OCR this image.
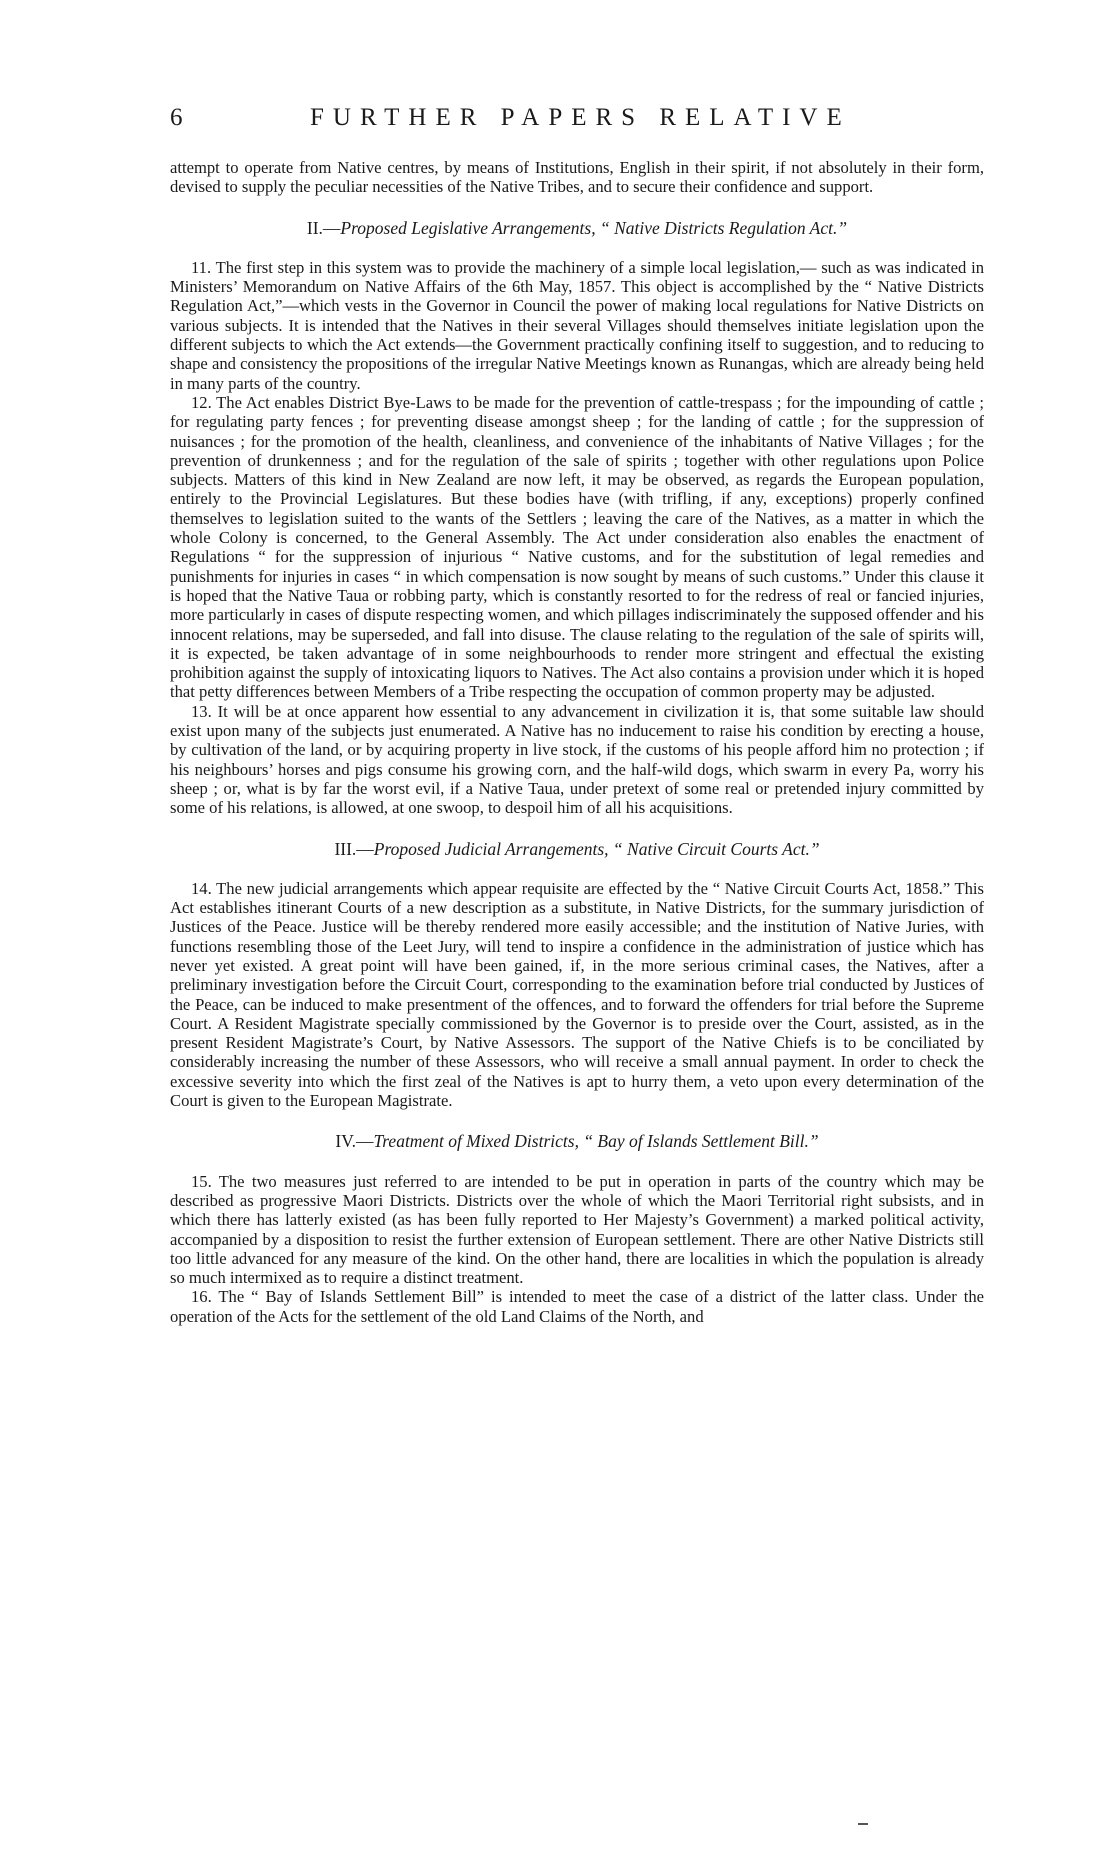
6	FURTHER PAPERS RELATIVE

attempt to operate from Native centres, by means of Institutions, English in their spirit, if not absolutely in their form, devised to supply the peculiar necessities of the Native Tribes, and to secure their confidence and support.

II.—Proposed Legislative Arrangements, “ Native Districts Regulation Act.”

11. The first step in this system was to provide the machinery of a simple local legislation,— such as was indicated in Ministers’ Memorandum on Native Affairs of the 6th May, 1857. This object is accomplished by the “ Native Districts Regulation Act,”—which vests in the Governor in Council the power of making local regulations for Native Districts on various subjects. It is intended that the Natives in their several Villages should themselves initiate legislation upon the different subjects to which the Act extends—the Government practically confining itself to suggestion, and to reducing to shape and consistency the propositions of the irregular Native Meetings known as Runangas, which are already being held in many parts of the country.

12. The Act enables District Bye-Laws to be made for the prevention of cattle-trespass ; for the impounding of cattle ; for regulating party fences ; for preventing disease amongst sheep ; for the landing of cattle ; for the suppression of nuisances ; for the promotion of the health, cleanliness, and convenience of the inhabitants of Native Villages ; for the prevention of drunkenness ; and for the regulation of the sale of spirits ; together with other regulations upon Police subjects. Matters of this kind in New Zealand are now left, it may be observed, as regards the European population, entirely to the Provincial Legislatures. But these bodies have (with trifling, if any, exceptions) properly confined themselves to legislation suited to the wants of the Settlers ; leaving the care of the Natives, as a matter in which the whole Colony is concerned, to the General Assembly. The Act under consideration also enables the enactment of Regulations “ for the suppression of injurious “ Native customs, and for the substitution of legal remedies and punishments for injuries in cases “ in which compensation is now sought by means of such customs.” Under this clause it is hoped that the Native Taua or robbing party, which is constantly resorted to for the redress of real or fancied injuries, more particularly in cases of dispute respecting women, and which pillages indiscriminately the supposed offender and his innocent relations, may be superseded, and fall into disuse. The clause relating to the regulation of the sale of spirits will, it is expected, be taken advantage of in some neighbourhoods to render more stringent and effectual the existing prohibition against the supply of intoxicating liquors to Natives. The Act also contains a provision under which it is hoped that petty differences between Members of a Tribe respecting the occupation of common property may be adjusted.

13. It will be at once apparent how essential to any advancement in civilization it is, that some suitable law should exist upon many of the subjects just enumerated. A Native has no inducement to raise his condition by erecting a house, by cultivation of the land, or by acquiring property in live stock, if the customs of his people afford him no protection ; if his neighbours’ horses and pigs consume his growing corn, and the half-wild dogs, which swarm in every Pa, worry his sheep ; or, what is by far the worst evil, if a Native Taua, under pretext of some real or pretended injury committed by some of his relations, is allowed, at one swoop, to despoil him of all his acquisitions.

III.—Proposed Judicial Arrangements, “ Native Circuit Courts Act.”

14. The new judicial arrangements which appear requisite are effected by the “ Native Circuit Courts Act, 1858.” This Act establishes itinerant Courts of a new description as a substitute, in Native Districts, for the summary jurisdiction of Justices of the Peace. Justice will be thereby rendered more easily accessible; and the institution of Native Juries, with functions resembling those of the Leet Jury, will tend to inspire a confidence in the administration of justice which has never yet existed. A great point will have been gained, if, in the more serious criminal cases, the Natives, after a preliminary investigation before the Circuit Court, corresponding to the examination before trial conducted by Justices of the Peace, can be induced to make presentment of the offences, and to forward the offenders for trial before the Supreme Court. A Resident Magistrate specially commissioned by the Governor is to preside over the Court, assisted, as in the present Resident Magistrate’s Court, by Native Assessors. The support of the Native Chiefs is to be conciliated by considerably increasing the number of these Assessors, who will receive a small annual payment. In order to check the excessive severity into which the first zeal of the Natives is apt to hurry them, a veto upon every determination of the Court is given to the European Magistrate.

IV.—Treatment of Mixed Districts, “ Bay of Islands Settlement Bill.”

15. The two measures just referred to are intended to be put in operation in parts of the country which may be described as progressive Maori Districts. Districts over the whole of which the Maori Territorial right subsists, and in which there has latterly existed (as has been fully reported to Her Majesty’s Government) a marked political activity, accompanied by a disposition to resist the further extension of European settlement. There are other Native Districts still too little advanced for any measure of the kind. On the other hand, there are localities in which the population is already so much intermixed as to require a distinct treatment.

16. The “ Bay of Islands Settlement Bill” is intended to meet the case of a district of the latter class. Under the operation of the Acts for the settlement of the old Land Claims of the North, and
